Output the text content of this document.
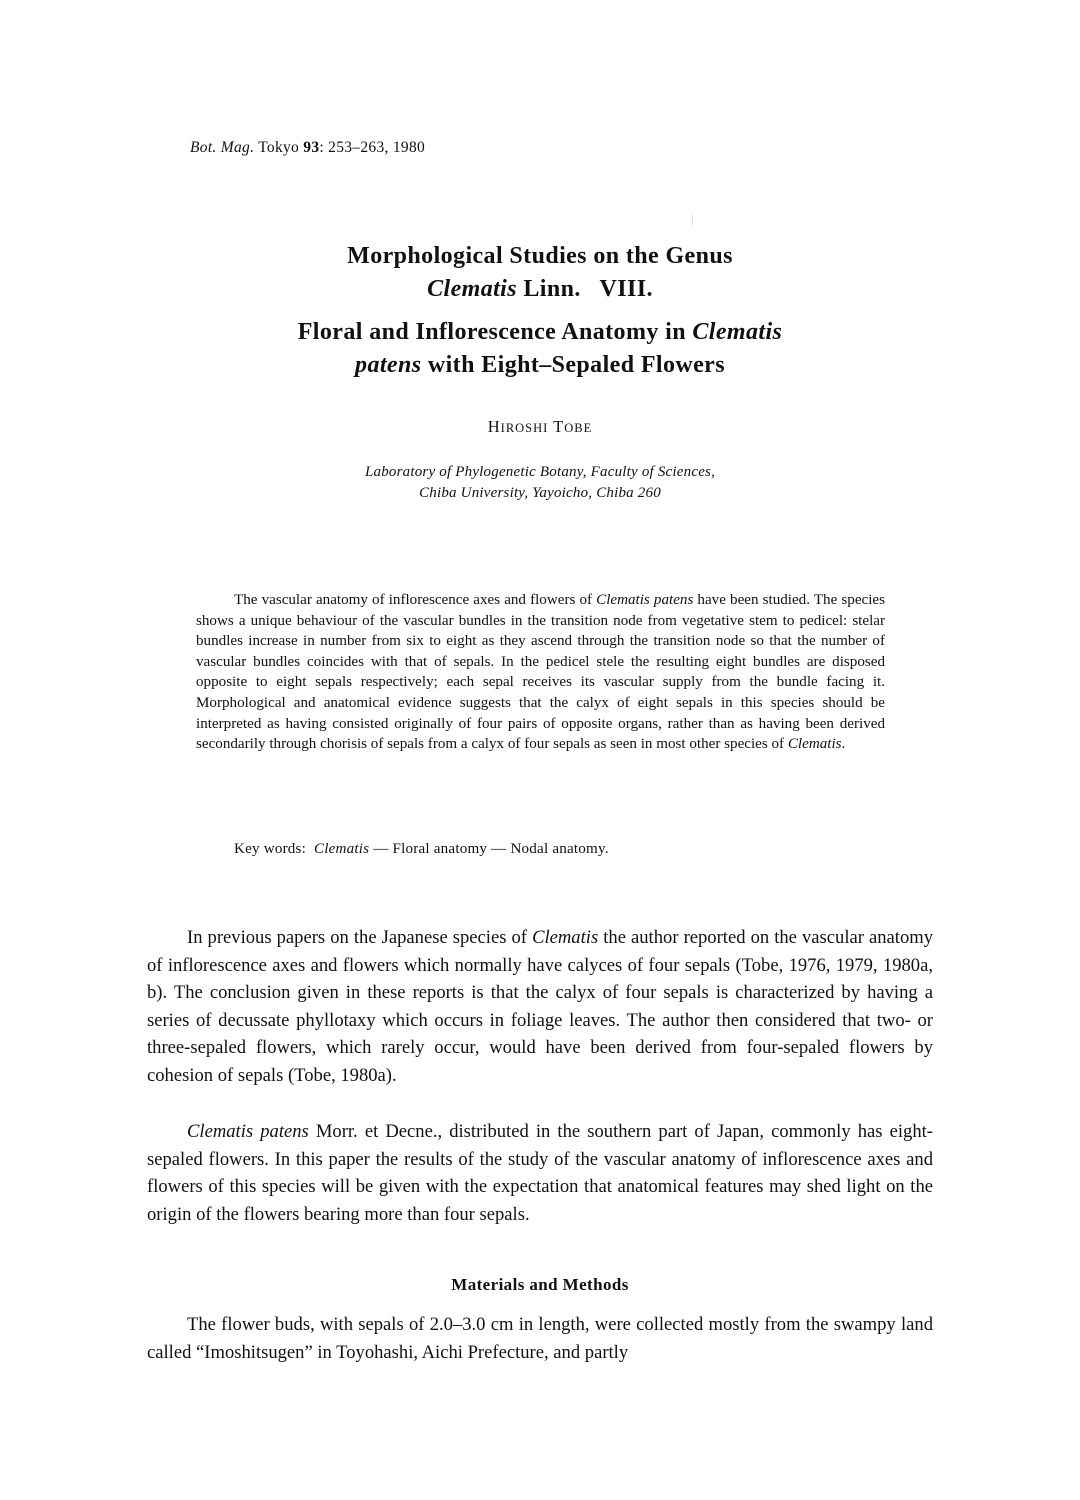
Bot. Mag. Tokyo 93: 253–263, 1980
Morphological Studies on the Genus
Clematis Linn.   VIII.
Floral and Inflorescence Anatomy in Clematis
patens with Eight–Sepaled Flowers
HIROSHI TOBE
Laboratory of Phylogenetic Botany, Faculty of Sciences,
Chiba University, Yayoicho, Chiba 260

The vascular anatomy of inflorescence axes and flowers of Clematis patens have been studied. The species shows a unique behaviour of the vascular bundles in the transition node from vegetative stem to pedicel: stelar bundles increase in number from six to eight as they ascend through the transition node so that the number of vascular bundles coincides with that of sepals. In the pedicel stele the resulting eight bundles are disposed opposite to eight sepals respectively; each sepal receives its vascular supply from the bundle facing it. Morphological and anatomical evidence suggests that the calyx of eight sepals in this species should be interpreted as having consisted originally of four pairs of opposite organs, rather than as having been derived secondarily through chorisis of sepals from a calyx of four sepals as seen in most other species of Clematis.

Key words: Clematis — Floral anatomy — Nodal anatomy.

In previous papers on the Japanese species of Clematis the author reported on the vascular anatomy of inflorescence axes and flowers which normally have calyces of four sepals (Tobe, 1976, 1979, 1980a, b). The conclusion given in these reports is that the calyx of four sepals is characterized by having a series of decussate phyllotaxy which occurs in foliage leaves. The author then considered that two- or three-sepaled flowers, which rarely occur, would have been derived from four-sepaled flowers by cohesion of sepals (Tobe, 1980a).

Clematis patens Morr. et Decne., distributed in the southern part of Japan, commonly has eight-sepaled flowers. In this paper the results of the study of the vascular anatomy of inflorescence axes and flowers of this species will be given with the expectation that anatomical features may shed light on the origin of the flowers bearing more than four sepals.

Materials and Methods

The flower buds, with sepals of 2.0–3.0 cm in length, were collected mostly from the swampy land called “Imoshitsugen” in Toyohashi, Aichi Prefecture, and partly
